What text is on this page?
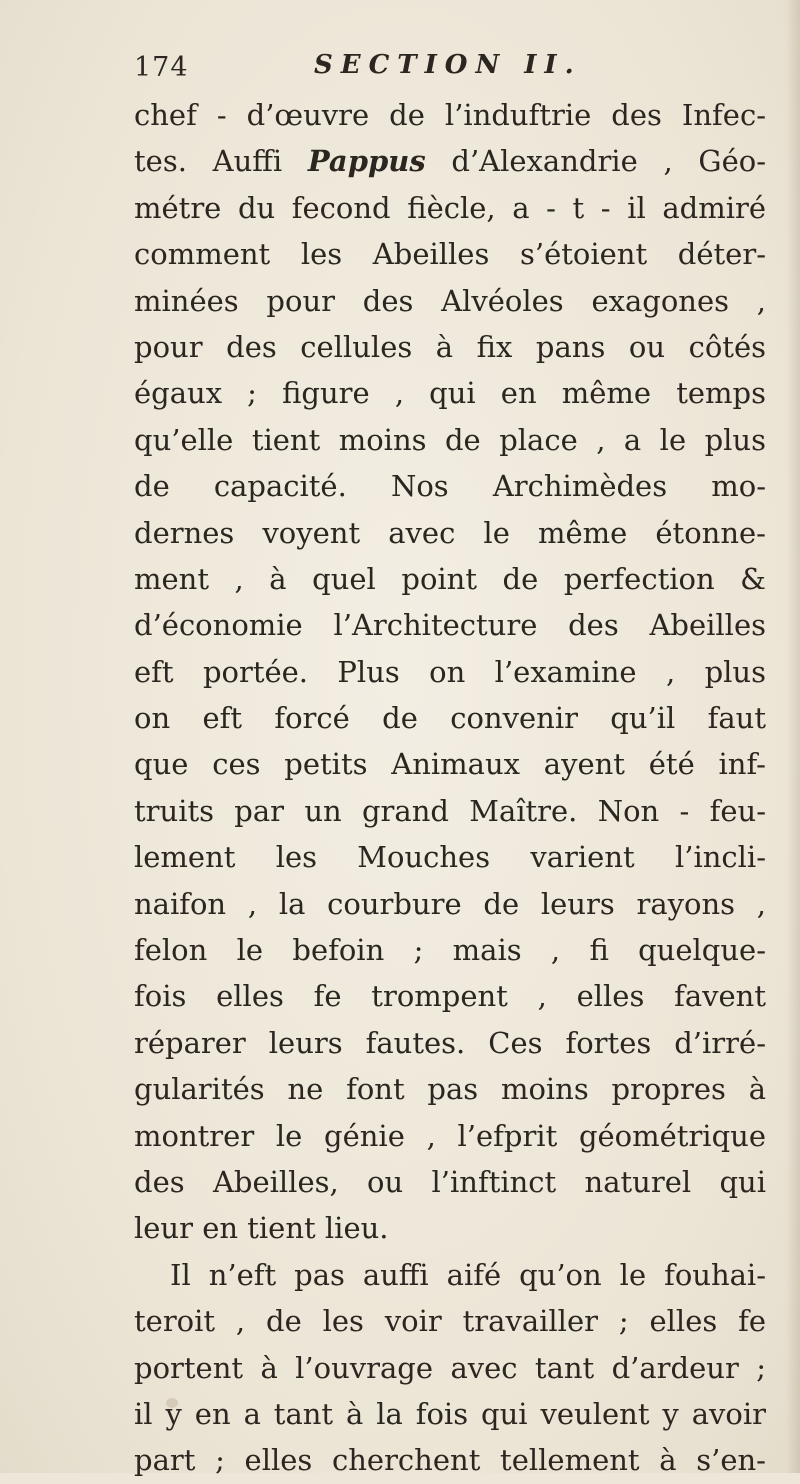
174	SECTION II.
chef - d’œuvre de l’induftrie des Infec-
tes. Auffi Pappus d’Alexandrie , Géo-
métre du fecond fiècle, a - t - il admiré
comment les Abeilles s’étoient déter-
minées pour des Alvéoles exagones ,
pour des cellules à fix pans ou côtés
égaux ; figure , qui en même temps
qu’elle tient moins de place , a le plus
de capacité. Nos Archimèdes mo-
dernes voyent avec le même étonne-
ment , à quel point de perfection &
d’économie l’Architecture des Abeilles
eft portée. Plus on l’examine , plus
on eft forcé de convenir qu’il faut
que ces petits Animaux ayent été inf-
truits par un grand Maître. Non - feu-
lement les Mouches varient l’incli-
naifon , la courbure de leurs rayons ,
felon le befoin ; mais , fi quelque-
fois elles fe trompent , elles favent
réparer leurs fautes. Ces fortes d’irré-
gularités ne font pas moins propres à
montrer le génie , l’efprit géométrique
des Abeilles, ou l’inftinct naturel qui
leur en tient lieu.
Il n’eft pas auffi aifé qu’on le fouhai-
teroit , de les voir travailler ; elles fe
portent à l’ouvrage avec tant d’ardeur ;
il y en a tant à la fois qui veulent y avoir
part ; elles cherchent tellement à s’en-
